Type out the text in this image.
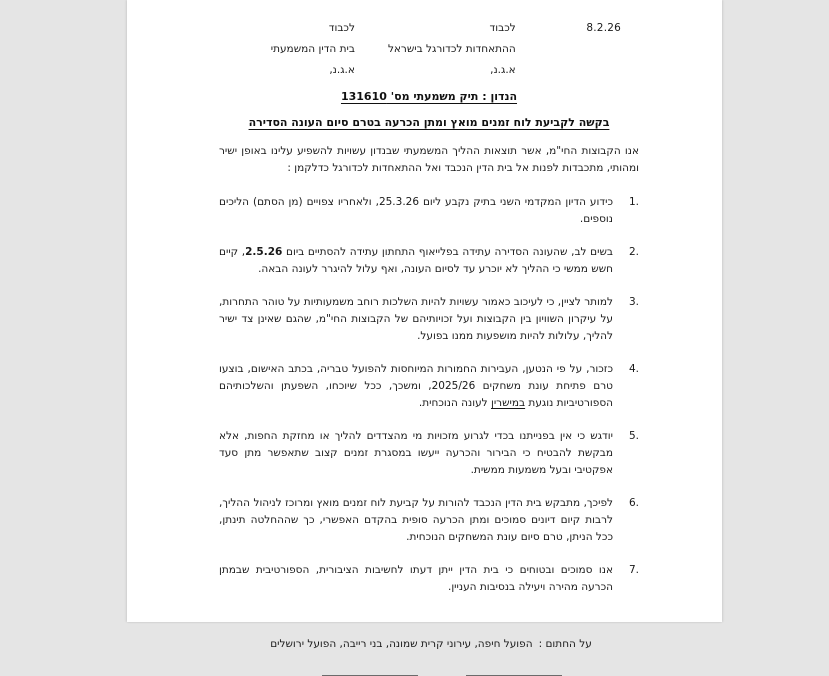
8.2.26
לכבוד
ההתאחדות לכדורגל בישראל
א.ג.נ,
לכבוד
בית הדין המשמעתי
א.ג.נ,
הנדון : תיק משמעתי מס' 131610
בקשה לקביעת לוח זמנים מואץ ומתן הכרעה בטרם סיום העונה הסדירה

אנו הקבוצות החי"מ, אשר תוצאות ההליך המשמעתי שבנדון עשויות להשפיע עלינו באופן ישיר ומהותי, מתכבדות לפנות אל בית הדין הנכבד ואל ההתאחדות לכדורגל כדלקמן :

1.
כידוע הדיון המקדמי השני בתיק נקבע ליום 25.3.26, ולאחריו צפויים (מן הסתם) הליכים נוספים.
2.
בשים לב, שהעונה הסדירה עתידה בפלייאוף התחתון עתידה להסתיים ביום 2.5.26, קיים חשש ממשי כי ההליך לא יוכרע עד לסיום העונה, ואף עלול להיגרר לעונה הבאה.
3.
למותר לציין, כי לעיכוב כאמור עשויות להיות השלכות רוחב משמעותיות על טוהר התחרות, על עיקרון השוויון בין הקבוצות ועל זכויותיהם של הקבוצות החי"מ, שהגם שאינן צד ישיר להליך, עלולות להיות מושפעות ממנו בפועל.
4.
כזכור, על פי הנטען, העבירות החמורות המיוחסות להפועל טבריה, בכתב האישום, בוצעו טרם פתיחת עונת משחקים 2025/26, ומשכך, ככל שיוכחו, השפעתן והשלכותיהם הספורטיביות נוגעת במישרין לעונה הנוכחית.
5.
יודגש כי אין בפנייתנו בכדי לגרוע מזכויות מי מהצדדים להליך או מחזקת החפות, אלא מבקשת להבטיח כי הבירור והכרעה ייעשו במסגרת זמנים קצוב שתאפשר מתן סעד אפקטיבי ובעל משמעות ממשית.
6.
לפיכך, מתבקש בית הדין הנכבד להורות על קביעת לוח זמנים מואץ ומרוכז לניהול ההליך, לרבות קיום דיונים סמוכים ומתן הכרעה סופית בהקדם האפשרי, כך שההחלטה תינתן, ככל הניתן, טרם סיום עונת המשחקים הנוכחית.
7.
אנו סמוכים ובטוחים כי בית הדין ייתן דעתו לחשיבות הציבורית, הספורטיבית שבמתן הכרעה מהירה ויעילה בנסיבות העניין.
על החתום :הפועל חיפה, עירוני קרית שמונה, בני רייבה, הפועל ירושלים
